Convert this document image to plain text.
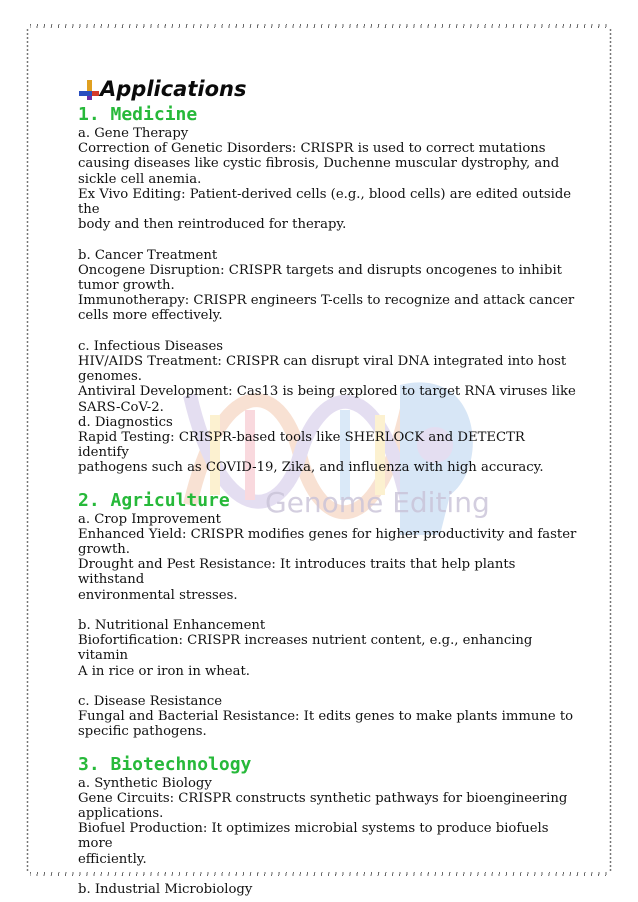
Genome Editing
Applications
1. Medicine

a. Gene Therapy

Correction of Genetic Disorders: CRISPR is used to correct mutations

causing diseases like cystic fibrosis, Duchenne muscular dystrophy, and

sickle cell anemia.

Ex Vivo Editing: Patient-derived cells (e.g., blood cells) are edited outside the

body and then reintroduced for therapy.

b. Cancer Treatment

Oncogene Disruption: CRISPR targets and disrupts oncogenes to inhibit

tumor growth.

Immunotherapy: CRISPR engineers T-cells to recognize and attack cancer

cells more effectively.

c. Infectious Diseases

HIV/AIDS Treatment: CRISPR can disrupt viral DNA integrated into host

genomes.

Antiviral Development: Cas13 is being explored to target RNA viruses like

SARS-CoV-2.

d. Diagnostics

Rapid Testing: CRISPR-based tools like SHERLOCK and DETECTR identify

pathogens such as COVID-19, Zika, and influenza with high accuracy.

2. Agriculture

a. Crop Improvement

Enhanced Yield: CRISPR modifies genes for higher productivity and faster

growth.

Drought and Pest Resistance: It introduces traits that help plants withstand

environmental stresses.

b. Nutritional Enhancement

Biofortification: CRISPR increases nutrient content, e.g., enhancing vitamin

A in rice or iron in wheat.

c. Disease Resistance

Fungal and Bacterial Resistance: It edits genes to make plants immune to

specific pathogens.

3. Biotechnology

a. Synthetic Biology

Gene Circuits: CRISPR constructs synthetic pathways for bioengineering

applications.

Biofuel Production: It optimizes microbial systems to produce biofuels more

efficiently.

b. Industrial Microbiology
